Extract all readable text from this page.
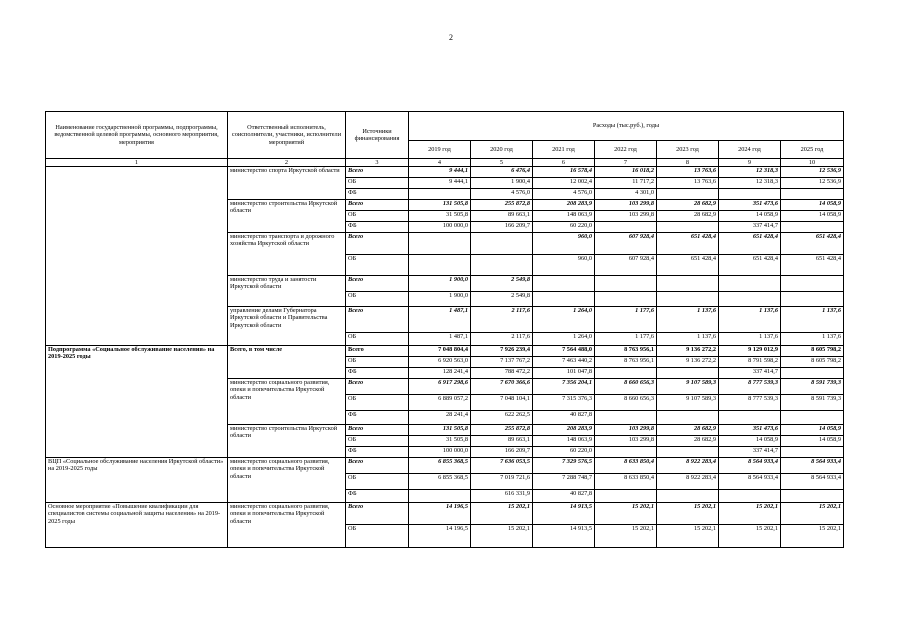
2
Наименование государственной программы, подпрограммы, ведомственной целевой программы, основного мероприятия, мероприятия	Ответственный исполнитель, соисполнители, участники, исполнители мероприятий	Источники финансирования	Расходы (тыс.руб.), годы						
			2019 год	2020 год	2021 год	2022 год	2023 год	2024 год	2025 год
1	2	3	4	5	6	7	8	9	10
	министерство спорта Иркутской области	Всего	9 444,1	6 476,4	16 578,4	16 018,2	13 763,6	12 318,3	12 536,9
		ОБ	9 444,1	1 900,4	12 002,4	11 717,2	13 763,6	12 318,3	12 536,9
		ФБ		4 576,0	4 576,0	4 301,0			
	министерство строительства Иркутской области	Всего	131 505,8	255 872,8	208 283,9	103 299,8	28 682,9	351 473,6	14 058,9
		ОБ	31 505,8	89 663,1	148 063,9	103 299,8	28 682,9	14 058,9	14 058,9
		ФБ	100 000,0	166 209,7	60 220,0			337 414,7	
	министерство транспорта и дорожного хозяйства Иркутской области	Всего			960,0	607 928,4	651 428,4	651 428,4	651 428,4
		ОБ			960,0	607 928,4	651 428,4	651 428,4	651 428,4
	министерство труда и занятости Иркутской области	Всего	1 900,0	2 549,8					
		ОБ	1 900,0	2 549,8					
	управление делами Губернатора Иркутской области и Правительства Иркутской области	Всего	1 487,1	2 117,6	1 264,0	1 177,6	1 137,6	1 137,6	1 137,6
		ОБ	1 487,1	2 117,6	1 264,0	1 177,6	1 137,6	1 137,6	1 137,6
Подпрограмма «Социальное обслуживание населения» на 2019-2025 годы	Всего, в том числе	Всего	7 048 804,4	7 926 239,4	7 564 488,0	8 763 956,1	9 136 272,2	9 129 012,9	8 605 798,2
		ОБ	6 920 563,0	7 137 767,2	7 463 440,2	8 763 956,1	9 136 272,2	8 791 598,2	8 605 798,2
		ФБ	128 241,4	788 472,2	101 047,8			337 414,7	
	министерство социального развития, опеки и попечительства Иркутской области	Всего	6 917 298,6	7 670 366,6	7 356 204,1	8 660 656,3	9 107 589,3	8 777 539,3	8 591 739,3
		ОБ	6 889 057,2	7 048 104,1	7 315 376,3	8 660 656,3	9 107 589,3	8 777 539,3	8 591 739,3
		ФБ	28 241,4	622 262,5	40 827,8				
	министерство строительства Иркутской области	Всего	131 505,8	255 872,8	208 283,9	103 299,8	28 682,9	351 473,6	14 058,9
		ОБ	31 505,8	89 663,1	148 063,9	103 299,8	28 682,9	14 058,9	14 058,9
		ФБ	100 000,0	166 209,7	60 220,0			337 414,7	
ВЦП «Социальное обслуживание населения Иркутской области» на 2019-2025 годы	министерство социального развития, опеки и попечительства Иркутской области	Всего	6 855 368,5	7 636 053,5	7 329 576,5	8 633 850,4	8 922 283,4	8 564 933,4	8 564 933,4
		ОБ	6 855 368,5	7 019 721,6	7 288 748,7	8 633 850,4	8 922 283,4	8 564 933,4	8 564 933,4
		ФБ		616 331,9	40 827,8				
Основное мероприятие «Повышение квалификации для специалистов системы социальной защиты населения» на 2019-2025 годы	министерство социального развития, опеки и попечительства Иркутской области	Всего	14 196,5	15 202,1	14 913,5	15 202,1	15 202,1	15 202,1	15 202,1
		ОБ	14 196,5	15 202,1	14 913,5	15 202,1	15 202,1	15 202,1	15 202,1
